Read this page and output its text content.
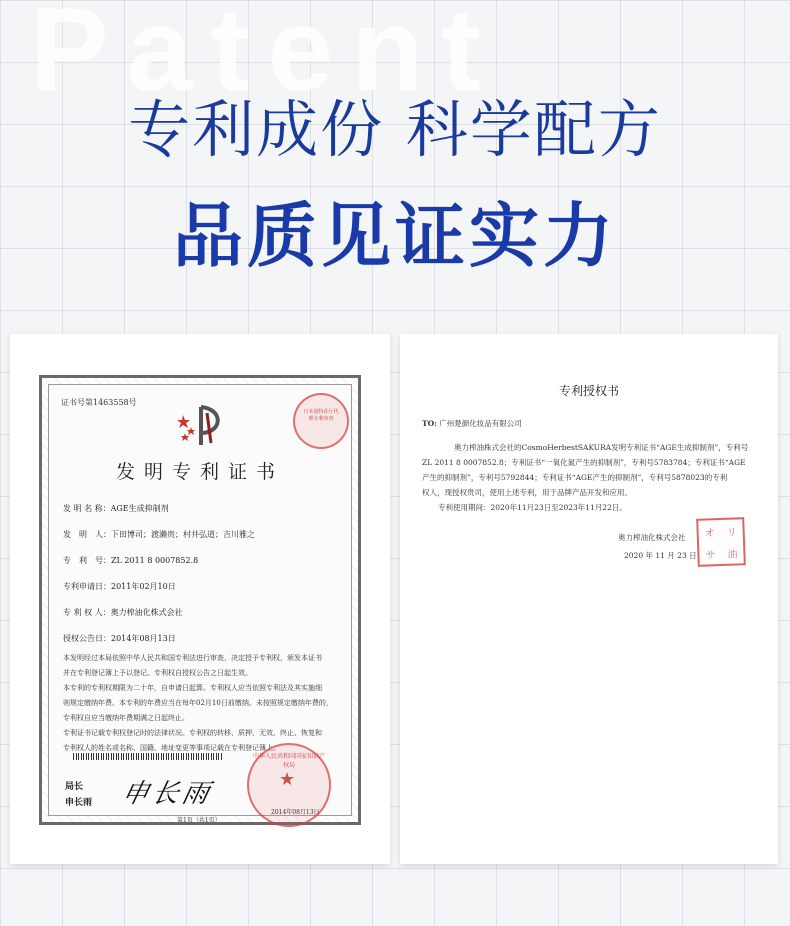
Patent
专利成份 科学配方
品质见证实力
证书号第1463558号
日本国特许厅代理专利审查
发明专利证书
发 明 名 称：AGE生成抑制剂
发　明　人：下田博司；渡濑贵；村井弘道；吉川雅之
专　利　号：ZL 2011 8 0007852.8
专利申请日：2011年02月10日
专 利 权 人：奥力榨油化株式会社
授权公告日：2014年08月13日
本发明经过本局依照中华人民共和国专利法进行审查，决定授予专利权，颁发本证书
并在专利登记簿上予以登记。专利权自授权公告之日起生效。
本专利的专利权期限为二十年，自申请日起算。专利权人应当依照专利法及其实施细
则规定缴纳年费。本专利的年费应当在每年02月10日前缴纳。未按照规定缴纳年费的，
专利权自应当缴纳年费期满之日起终止。
专利证书记载专利权登记时的法律状况。专利权的转移、质押、无效、终止、恢复和
专利权人的姓名或名称、国籍、地址变更等事项记载在专利登记簿上。
局长
申长雨 申长雨	★
中华人民共和国国家知识产权局
2014年08月13日
第1页（共1页）
专利授权书
TO: 广州楚颜化妆品有限公司
奥力榨油株式会社的CosmoHerbestSAKURA发明专利证书“AGE生成抑制剂”，专利号
ZL 2011 8 0007852.8；专利证书“一氧化氮产生的抑制剂”，专利号5783784；专利证书“AGE
产生的抑制剂”，专利号5792844；专利证书“AGE产生的抑制剂”，专利号5878023的专利
权人，现授权贵司，使用上述专利，用于品牌产品开发和应用。
专利使用期间：2020年11月23日至2023年11月22日。
奥力榨油化株式会社
2020 年 11 月 23 日
オ	リ
サ	油
